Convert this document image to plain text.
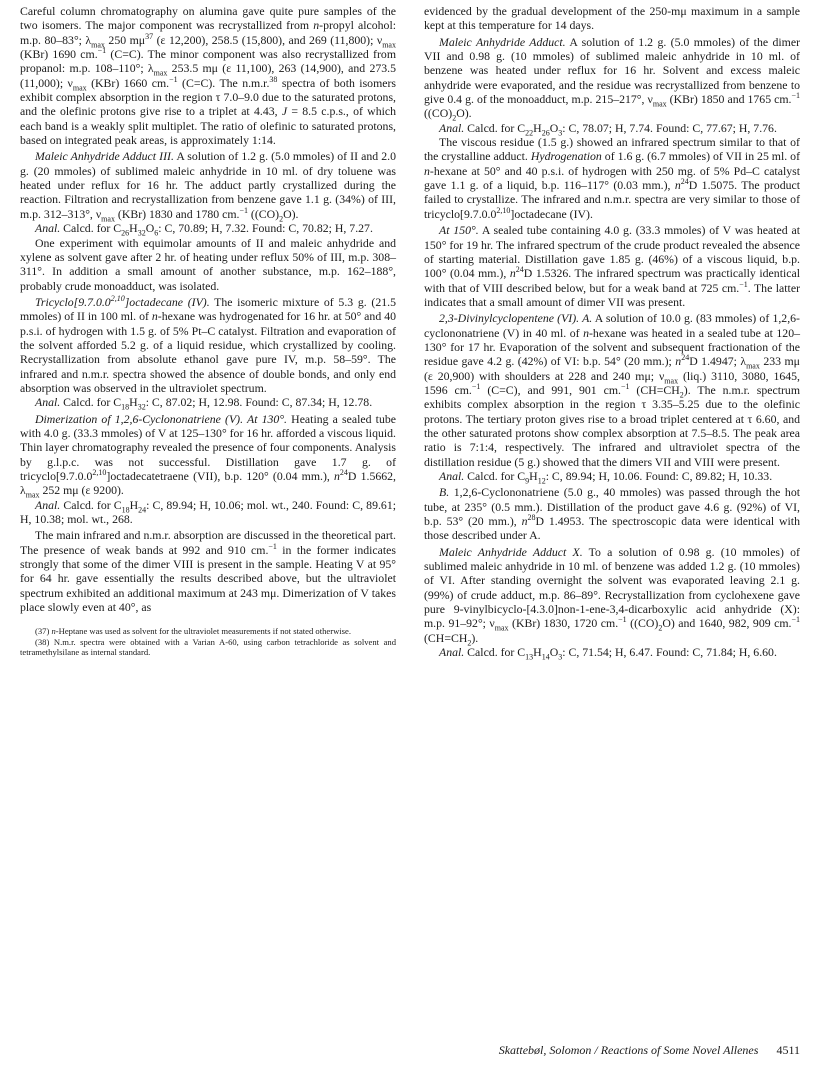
Careful column chromatography on alumina gave quite pure samples of the two isomers. The major component was recrystallized from n-propyl alcohol: m.p. 80–83°; $\lambda_{max}$ 250 $m\mu^{37}$ (ε 12,200), 258.5 (15,800), and 269 (11,800); $\nu_{max}$ (KBr) 1690 cm.$^{-1}$ (C=C). The minor component was also recrystallized from propanol: m.p. 108–110°; $\lambda_{max}$ 253.5 mμ (ε 11,100), 263 (14,900), and 273.5 (11,000); $\nu_{max}$ (KBr) 1660 cm.$^{-1}$ (C=C). The n.m.r.$^{38}$ spectra of both isomers exhibit complex absorption in the region τ 7.0–9.0 due to the saturated protons, and the olefinic protons give rise to a triplet at 4.43, J = 8.5 c.p.s., of which each band is a weakly split multiplet. The ratio of olefinic to saturated protons, based on integrated peak areas, is approximately 1:14.

Maleic Anhydride Adduct III. A solution of 1.2 g. (5.0 mmoles) of II and 2.0 g. (20 mmoles) of sublimed maleic anhydride in 10 ml. of dry toluene was heated under reflux for 16 hr. The adduct partly crystallized during the reaction. Filtration and recrystallization from benzene gave 1.1 g. (34%) of III, m.p. 312–313°, $\nu_{max}$ (KBr) 1830 and 1780 cm.$^{-1}$ $((CO)_2O)$.

Anal. Calcd. for $C_{26}H_{32}O_6$: C, 70.89; H, 7.32. Found: C, 70.82; H, 7.27.

One experiment with equimolar amounts of II and maleic anhydride and xylene as solvent gave after 2 hr. of heating under reflux 50% of III, m.p. 308–311°. In addition a small amount of another substance, m.p. 162–188°, probably crude monoadduct, was isolated.

Tricyclo[9.7.0.0$^{2,10}$]octadecane (IV). The isomeric mixture of 5.3 g. (21.5 mmoles) of II in 100 ml. of n-hexane was hydrogenated for 16 hr. at 50° and 40 p.s.i. of hydrogen with 1.5 g. of 5% Pt–C catalyst. Filtration and evaporation of the solvent afforded 5.2 g. of a liquid residue, which crystallized by cooling. Recrystallization from absolute ethanol gave pure IV, m.p. 58–59°. The infrared and n.m.r. spectra showed the absence of double bonds, and only end absorption was observed in the ultraviolet spectrum.

Anal. Calcd. for $C_{18}H_{32}$: C, 87.02; H, 12.98. Found: C, 87.34; H, 12.78.

Dimerization of 1,2,6-Cyclononatriene (V). At 130°. Heating a sealed tube with 4.0 g. (33.3 mmoles) of V at 125–130° for 16 hr. afforded a viscous liquid. Thin layer chromatography revealed the presence of four components. Analysis by g.l.p.c. was not successful. Distillation gave 1.7 g. of tricyclo[9.7.0.0$^{2,10}$]octadecatetraene (VII), b.p. 120° (0.04 mm.), $n^{24}D$ 1.5662, $\lambda_{max}$ 252 mμ (ε 9200).

Anal. Calcd. for $C_{18}H_{24}$: C, 89.94; H, 10.06; mol. wt., 240. Found: C, 89.61; H, 10.38; mol. wt., 268.

The main infrared and n.m.r. absorption are discussed in the theoretical part. The presence of weak bands at 992 and 910 cm.$^{-1}$ in the former indicates strongly that some of the dimer VIII is present in the sample. Heating V at 95° for 64 hr. gave essentially the results described above, but the ultraviolet spectrum exhibited an additional maximum at 243 mμ. Dimerization of V takes place slowly even at 40°, as

(37) n-Heptane was used as solvent for the ultraviolet measurements if not stated otherwise.

(38) N.m.r. spectra were obtained with a Varian A-60, using carbon tetrachloride as solvent and tetramethylsilane as internal standard.

evidenced by the gradual development of the 250-mμ maximum in a sample kept at this temperature for 14 days.

Maleic Anhydride Adduct. A solution of 1.2 g. (5.0 mmoles) of the dimer VII and 0.98 g. (10 mmoles) of sublimed maleic anhydride in 10 ml. of benzene was heated under reflux for 16 hr. Solvent and excess maleic anhydride were evaporated, and the residue was recrystallized from benzene to give 0.4 g. of the monoadduct, m.p. 215–217°, $\nu_{max}$ (KBr) 1850 and 1765 cm.$^{-1}$ $((CO)_2O)$.

Anal. Calcd. for $C_{22}H_{26}O_3$: C, 78.07; H, 7.74. Found: C, 77.67; H, 7.76.

The viscous residue (1.5 g.) showed an infrared spectrum similar to that of the crystalline adduct. Hydrogenation of 1.6 g. (6.7 mmoles) of VII in 25 ml. of n-hexane at 50° and 40 p.s.i. of hydrogen with 250 mg. of 5% Pd–C catalyst gave 1.1 g. of a liquid, b.p. 116–117° (0.03 mm.), $n^{24}D$ 1.5075. The product failed to crystallize. The infrared and n.m.r. spectra are very similar to those of tricyclo[9.7.0.0$^{2,10}$]octadecane (IV).

At 150°. A sealed tube containing 4.0 g. (33.3 mmoles) of V was heated at 150° for 19 hr. The infrared spectrum of the crude product revealed the absence of starting material. Distillation gave 1.85 g. (46%) of a viscous liquid, b.p. 100° (0.04 mm.), $n^{24}D$ 1.5326. The infrared spectrum was practically identical with that of VIII described below, but for a weak band at 725 cm.$^{-1}$. The latter indicates that a small amount of dimer VII was present.

2,3-Divinylcyclopentene (VI). A. A solution of 10.0 g. (83 mmoles) of 1,2,6-cyclononatriene (V) in 40 ml. of n-hexane was heated in a sealed tube at 120–130° for 17 hr. Evaporation of the solvent and subsequent fractionation of the residue gave 4.2 g. (42%) of VI: b.p. 54° (20 mm.); $n^{24}D$ 1.4947; $\lambda_{max}$ 233 mμ (ε 20,900) with shoulders at 228 and 240 mμ; $\nu_{max}$ (liq.) 3110, 3080, 1645, 1596 cm.$^{-1}$ (C=C), and 991, 901 cm.$^{-1}$ $(CH=CH_2)$. The n.m.r. spectrum exhibits complex absorption in the region τ 3.35–5.25 due to the olefinic protons. The tertiary proton gives rise to a broad triplet centered at τ 6.60, and the other saturated protons show complex absorption at 7.5–8.5. The peak area ratio is 7:1:4, respectively. The infrared and ultraviolet spectra of the distillation residue (5 g.) showed that the dimers VII and VIII were present.

Anal. Calcd. for $C_9H_{12}$: C, 89.94; H, 10.06. Found: C, 89.82; H, 10.33.

B. 1,2,6-Cyclononatriene (5.0 g., 40 mmoles) was passed through the hot tube, at 235° (0.5 mm.). Distillation of the product gave 4.6 g. (92%) of VI, b.p. 53° (20 mm.), $n^{28}D$ 1.4953. The spectroscopic data were identical with those described under A.

Maleic Anhydride Adduct X. To a solution of 0.98 g. (10 mmoles) of sublimed maleic anhydride in 10 ml. of benzene was added 1.2 g. (10 mmoles) of VI. After standing overnight the solvent was evaporated leaving 2.1 g. (99%) of crude adduct, m.p. 86–89°. Recrystallization from cyclohexene gave pure 9-vinylbicyclo-[4.3.0]non-1-ene-3,4-dicarboxylic acid anhydride (X): m.p. 91–92°; $\nu_{max}$ (KBr) 1830, 1720 cm.$^{-1}$ $((CO)_2O)$ and 1640, 982, 909 cm.$^{-1}$ $(CH=CH_2)$.

Anal. Calcd. for $C_{13}H_{14}O_3$: C, 71.54; H, 6.47. Found: C, 71.84; H, 6.60.

Skattebøl, Solomon / Reactions of Some Novel Allenes 4511
